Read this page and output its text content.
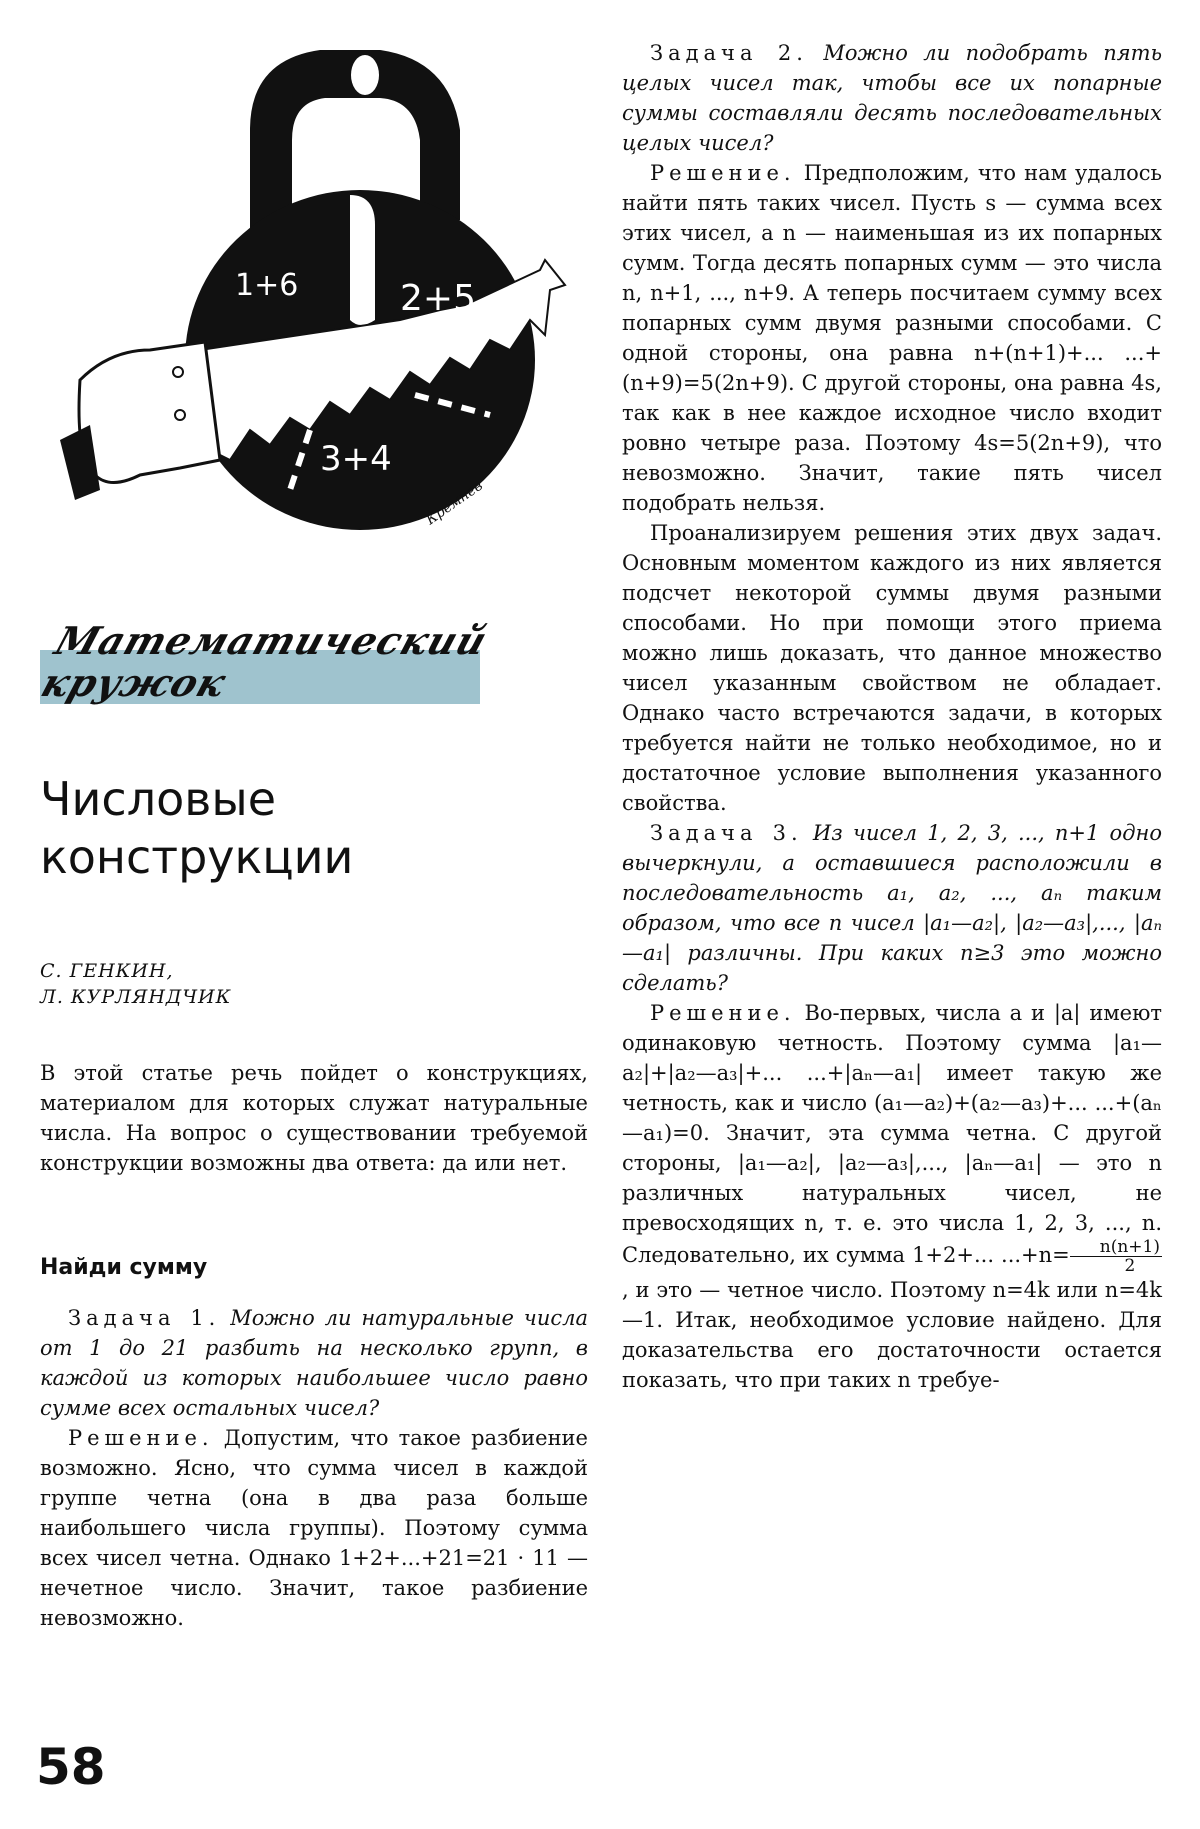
1+6	2+5
3+4
Кремнев
Математический
кружок
Числовые
конструкции
С. ГЕНКИН,
Л. КУРЛЯНДЧИК
В этой статье речь пойдет о конструкциях, материалом для которых служат натуральные числа. На вопрос о существовании требуемой конструкции возможны два ответа: да или нет.
Найди сумму

Задача 1. Можно ли натуральные числа от 1 до 21 разбить на несколько групп, в каждой из которых наибольшее число равно сумме всех остальных чисел?

Решение. Допустим, что такое разбиение возможно. Ясно, что сумма чисел в каждой группе четна (она в два раза больше наибольшего числа группы). Поэтому сумма всех чисел четна. Однако 1+2+...+21=21 · 11 — нечетное число. Значит, такое разбиение невозможно.

Задача 2. Можно ли подобрать пять целых чисел так, чтобы все их попарные суммы составляли десять последовательных целых чисел?

Решение. Предположим, что нам удалось найти пять таких чисел. Пусть s — сумма всех этих чисел, а n — наименьшая из их попарных сумм. Тогда десять попарных сумм — это числа n, n+1, ..., n+9. А теперь посчитаем сумму всех попарных сумм двумя разными способами. С одной стороны, она равна n+(n+1)+... ...+(n+9)=5(2n+9). С другой стороны, она равна 4s, так как в нее каждое исходное число входит ровно четыре раза. Поэтому 4s=5(2n+9), что невозможно. Значит, такие пять чисел подобрать нельзя.

Проанализируем решения этих двух задач. Основным моментом каждого из них является подсчет некоторой суммы двумя разными способами. Но при помощи этого приема можно лишь доказать, что данное множество чисел указанным свойством не обладает. Однако часто встречаются задачи, в которых требуется найти не только необходимое, но и достаточное условие выполнения указанного свойства.

Задача 3. Из чисел 1, 2, 3, ..., n+1 одно вычеркнули, а оставшиеся расположили в последовательность a₁, a₂, ..., aₙ таким образом, что все n чисел |a₁—a₂|, |a₂—a₃|,..., |aₙ—a₁| различны. При каких n≥3 это можно сделать?

Решение. Во-первых, числа a и |a| имеют одинаковую четность. Поэтому сумма |a₁—a₂|+|a₂—a₃|+... ...+|aₙ—a₁| имеет такую же четность, как и число (a₁—a₂)+(a₂—a₃)+... ...+(aₙ—a₁)=0. Значит, эта сумма четна. С другой стороны, |a₁—a₂|, |a₂—a₃|,..., |aₙ—a₁| — это n различных натуральных чисел, не превосходящих n, т. е. это числа 1, 2, 3, ..., n. Следовательно, их сумма 1+2+... $...+n= \frac{n(n+1)}{2}$
, и это — четное число. Поэтому n=4k или n=4k—1. Итак, необходимое условие найдено. Для доказательства его достаточности остается показать, что при таких n требуе-

58
